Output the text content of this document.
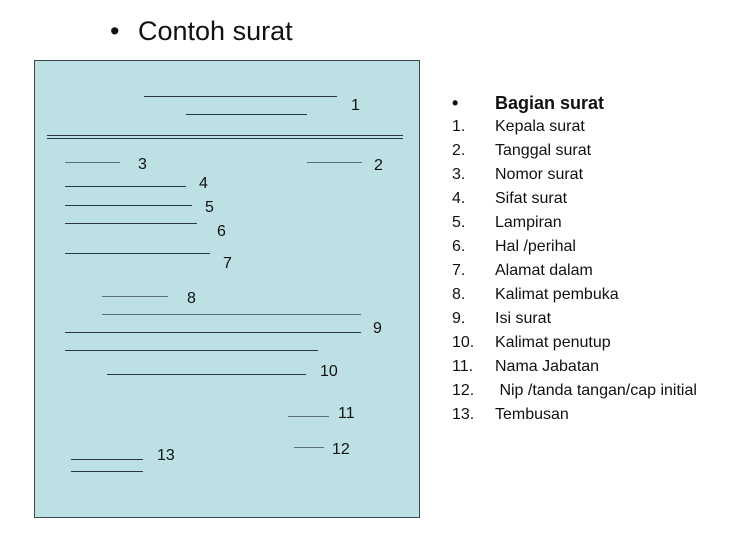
• Contoh surat
1
3	2
4
5
6
7
8
9
10
11
12
13
•	Bagian surat
1.	Kepala surat
2.	Tanggal surat
3.	Nomor surat
4.	Sifat surat
5.	Lampiran
6.	Hal /perihal
7.	Alamat dalam
8.	Kalimat pembuka
9.	Isi surat
10.	Kalimat penutup
11.	Nama Jabatan
12.	Nip /tanda tangan/cap initial
13.	Tembusan
